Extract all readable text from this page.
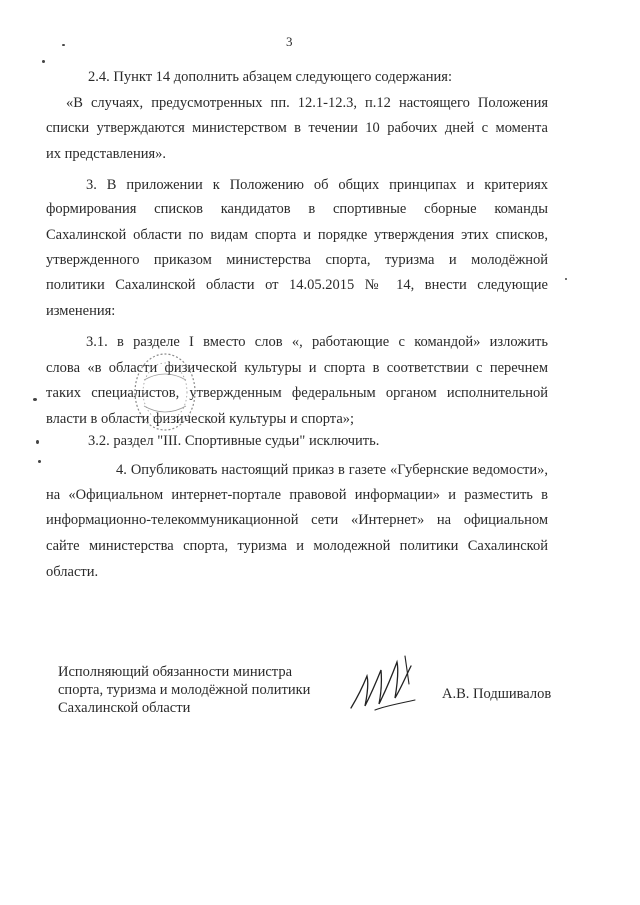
3
2.4. Пункт 14 дополнить абзацем следующего содержания:
«В случаях, предусмотренных пп. 12.1-12.3, п.12 настоящего Положения
списки утверждаются министерством в течении 10 рабочих дней с момента
их представления».
3. В приложении к Положению об общих принципах и критериях
формирования списков кандидатов в спортивные сборные команды
Сахалинской области по видам спорта и порядке утверждения этих списков,
утвержденного приказом министерства спорта, туризма и молодёжной
политики Сахалинской области от 14.05.2015 № 14, внести следующие
изменения:
3.1. в разделе I вместо слов «, работающие с командой» изложить
слова «в области физической культуры и спорта в соответствии с перечнем
таких специалистов, утвержденным федеральным органом исполнительной
власти в области физической культуры и спорта»;
3.2. раздел "III. Спортивные судьи" исключить.
4. Опубликовать настоящий приказ в газете «Губернские ведомости»,
на «Официальном интернет-портале правовой информации» и разместить в
информационно-телекоммуникационной сети «Интернет» на официальном
сайте министерства спорта, туризма и молодежной политики Сахалинской
области.
Исполняющий обязанности министра
спорта, туризма и молодёжной политики
Сахалинской области
А.В. Подшивалов
